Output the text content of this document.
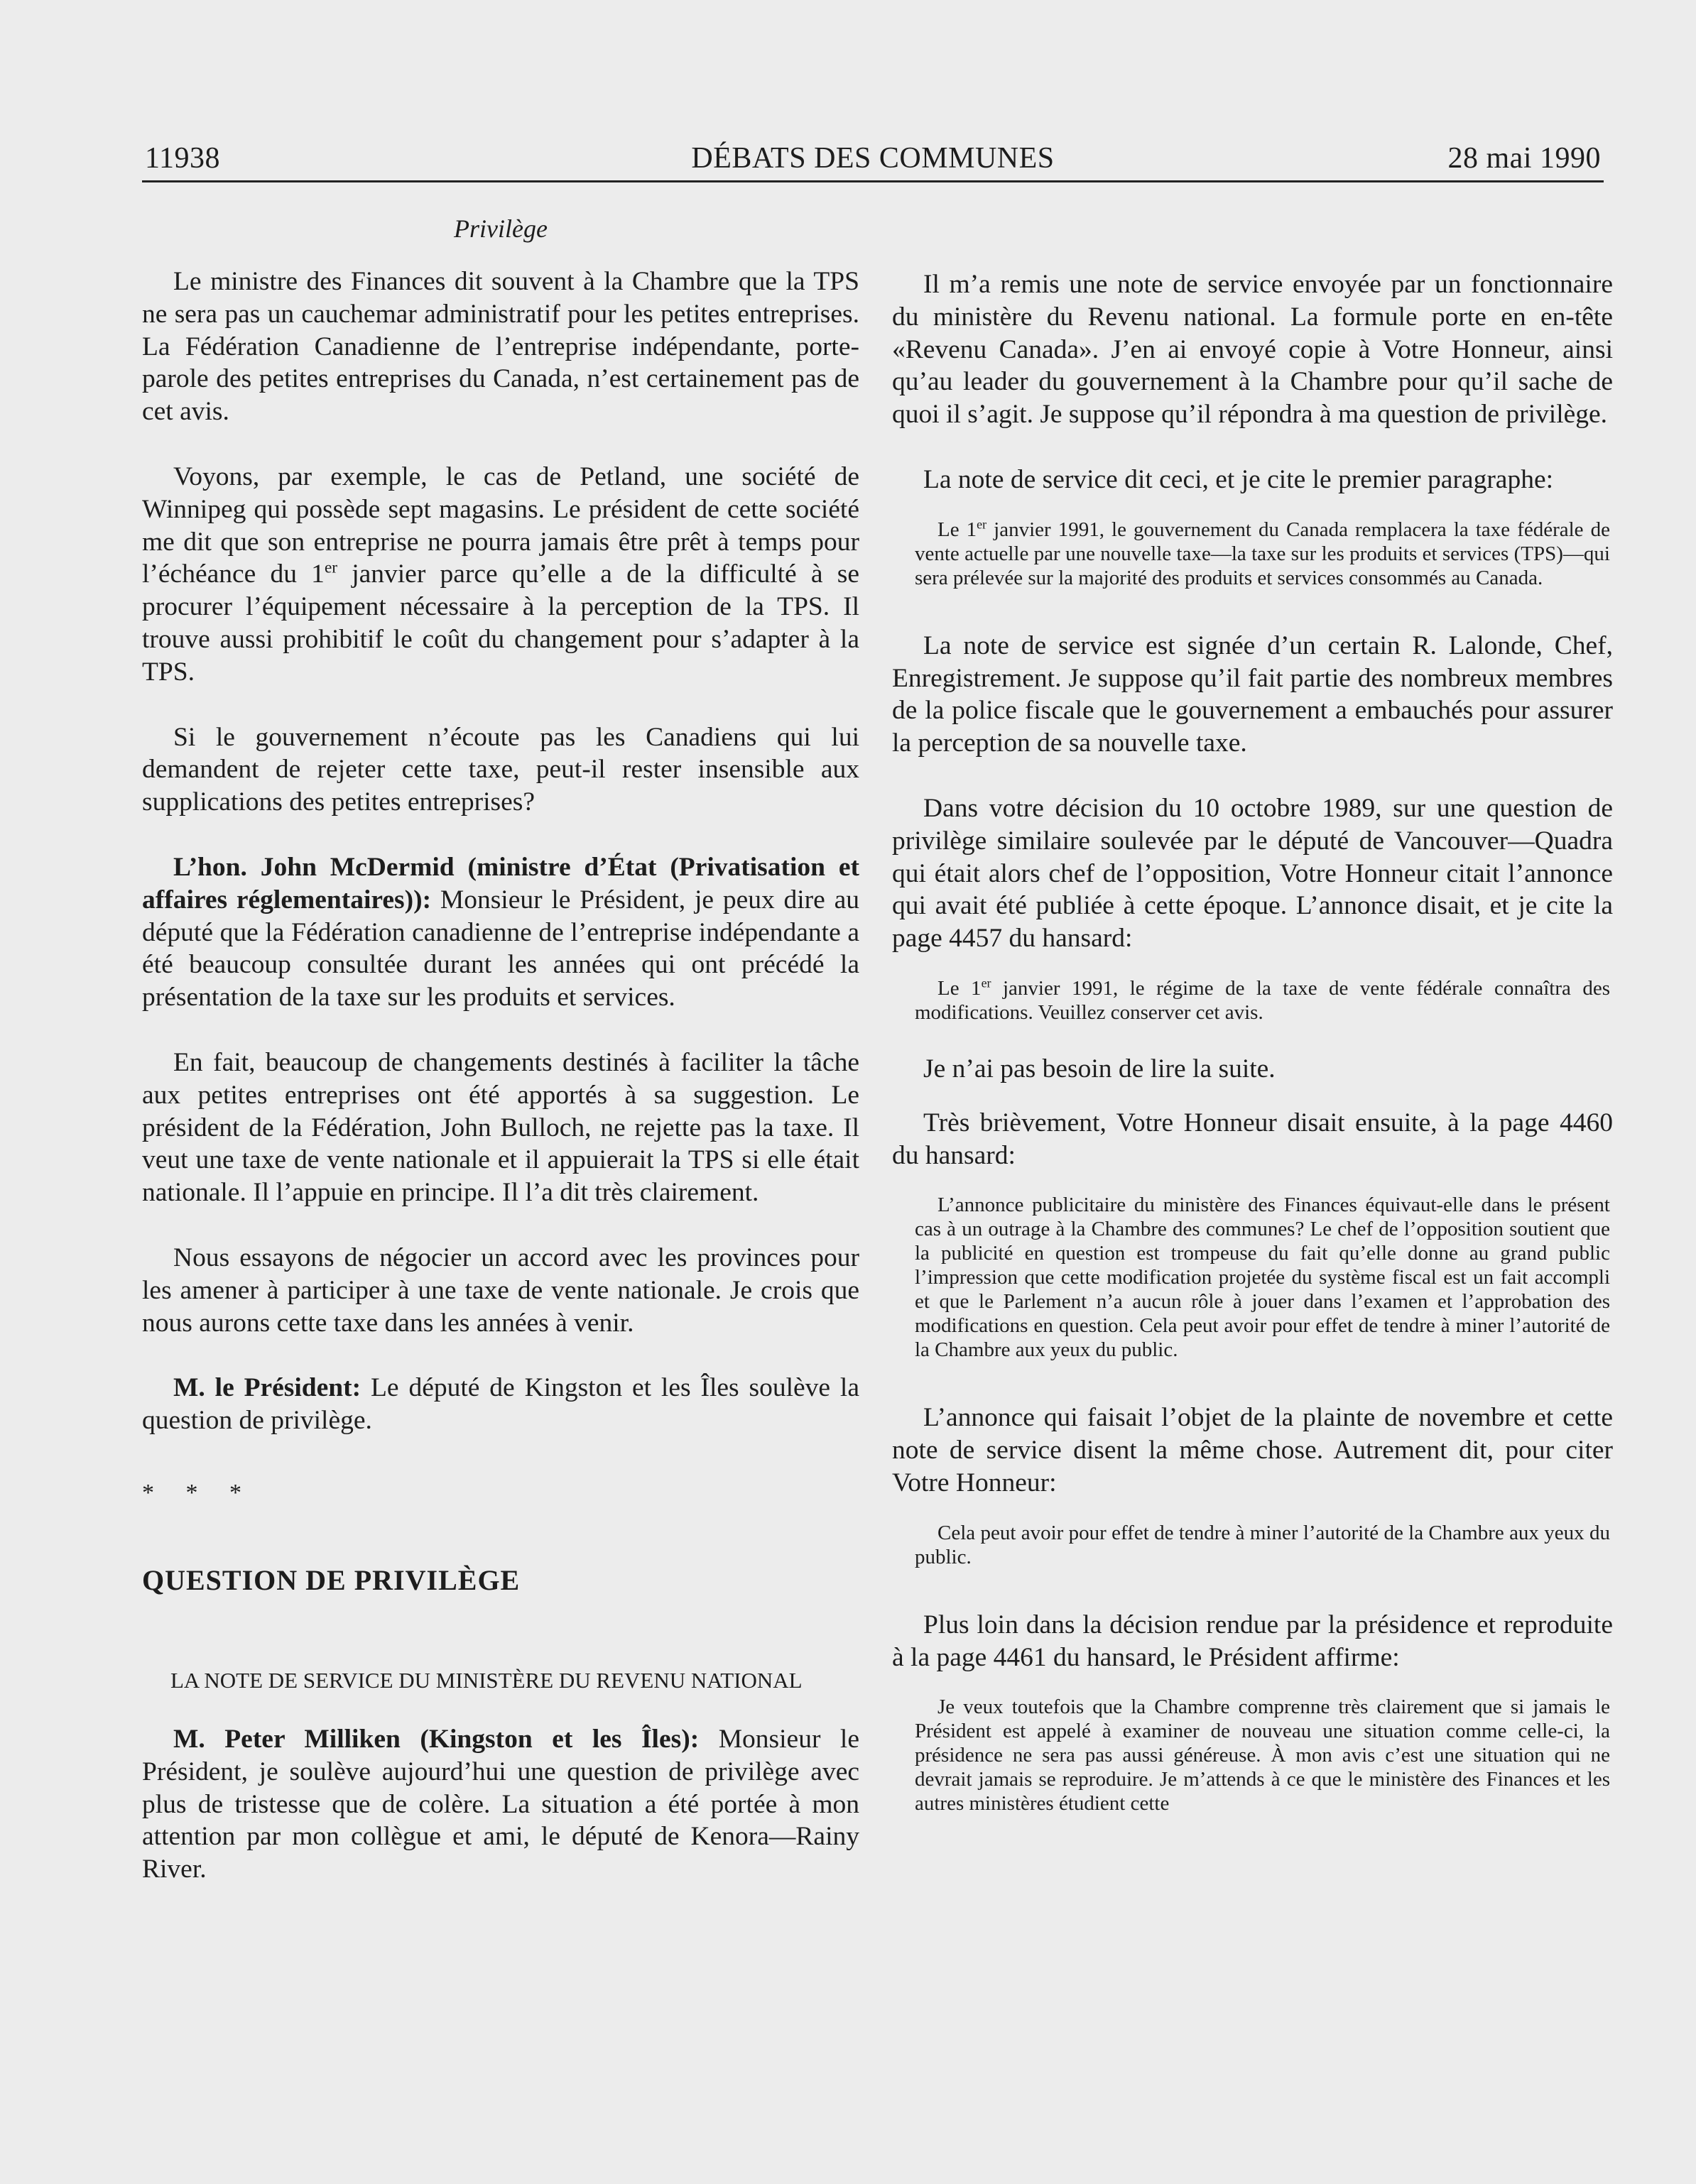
11938	DÉBATS DES COMMUNES	28 mai 1990

Privilège

Le ministre des Finances dit souvent à la Chambre que la TPS ne sera pas un cauchemar administratif pour les petites entreprises. La Fédération Canadienne de l’entreprise indépendante, porte-parole des petites entreprises du Canada, n’est certainement pas de cet avis.

Voyons, par exemple, le cas de Petland, une société de Winnipeg qui possède sept magasins. Le président de cette société me dit que son entreprise ne pourra jamais être prêt à temps pour l’échéance du 1er janvier parce qu’elle a de la difficulté à se procurer l’équipement nécessaire à la perception de la TPS. Il trouve aussi prohibitif le coût du changement pour s’adapter à la TPS.

Si le gouvernement n’écoute pas les Canadiens qui lui demandent de rejeter cette taxe, peut-il rester insensible aux supplications des petites entreprises?

L’hon. John McDermid (ministre d’État (Privatisation et affaires réglementaires)): Monsieur le Président, je peux dire au député que la Fédération canadienne de l’entreprise indépendante a été beaucoup consultée durant les années qui ont précédé la présentation de la taxe sur les produits et services.

En fait, beaucoup de changements destinés à faciliter la tâche aux petites entreprises ont été apportés à sa suggestion. Le président de la Fédération, John Bulloch, ne rejette pas la taxe. Il veut une taxe de vente nationale et il appuierait la TPS si elle était nationale. Il l’appuie en principe. Il l’a dit très clairement.

Nous essayons de négocier un accord avec les provinces pour les amener à participer à une taxe de vente nationale. Je crois que nous aurons cette taxe dans les années à venir.

M. le Président: Le député de Kingston et les Îles soulève la question de privilège.

* * *

QUESTION DE PRIVILÈGE

LA NOTE DE SERVICE DU MINISTÈRE DU REVENU NATIONAL

M. Peter Milliken (Kingston et les Îles): Monsieur le Président, je soulève aujourd’hui une question de privilège avec plus de tristesse que de colère. La situation a été portée à mon attention par mon collègue et ami, le député de Kenora—Rainy River.

Il m’a remis une note de service envoyée par un fonctionnaire du ministère du Revenu national. La formule porte en en-tête «Revenu Canada». J’en ai envoyé copie à Votre Honneur, ainsi qu’au leader du gouvernement à la Chambre pour qu’il sache de quoi il s’agit. Je suppose qu’il répondra à ma question de privilège.

La note de service dit ceci, et je cite le premier paragraphe:

Le 1er janvier 1991, le gouvernement du Canada remplacera la taxe fédérale de vente actuelle par une nouvelle taxe—la taxe sur les produits et services (TPS)—qui sera prélevée sur la majorité des produits et services consommés au Canada.

La note de service est signée d’un certain R. Lalonde, Chef, Enregistrement. Je suppose qu’il fait partie des nombreux membres de la police fiscale que le gouvernement a embauchés pour assurer la perception de sa nouvelle taxe.

Dans votre décision du 10 octobre 1989, sur une question de privilège similaire soulevée par le député de Vancouver—Quadra qui était alors chef de l’opposition, Votre Honneur citait l’annonce qui avait été publiée à cette époque. L’annonce disait, et je cite la page 4457 du hansard:

Le 1er janvier 1991, le régime de la taxe de vente fédérale connaîtra des modifications. Veuillez conserver cet avis.

Je n’ai pas besoin de lire la suite.

Très brièvement, Votre Honneur disait ensuite, à la page 4460 du hansard:

L’annonce publicitaire du ministère des Finances équivaut-elle dans le présent cas à un outrage à la Chambre des communes? Le chef de l’opposition soutient que la publicité en question est trompeuse du fait qu’elle donne au grand public l’impression que cette modification projetée du système fiscal est un fait accompli et que le Parlement n’a aucun rôle à jouer dans l’examen et l’approbation des modifications en question. Cela peut avoir pour effet de tendre à miner l’autorité de la Chambre aux yeux du public.

L’annonce qui faisait l’objet de la plainte de novembre et cette note de service disent la même chose. Autrement dit, pour citer Votre Honneur:

Cela peut avoir pour effet de tendre à miner l’autorité de la Chambre aux yeux du public.

Plus loin dans la décision rendue par la présidence et reproduite à la page 4461 du hansard, le Président affirme:

Je veux toutefois que la Chambre comprenne très clairement que si jamais le Président est appelé à examiner de nouveau une situation comme celle-ci, la présidence ne sera pas aussi généreuse. À mon avis c’est une situation qui ne devrait jamais se reproduire. Je m’attends à ce que le ministère des Finances et les autres ministères étudient cette
